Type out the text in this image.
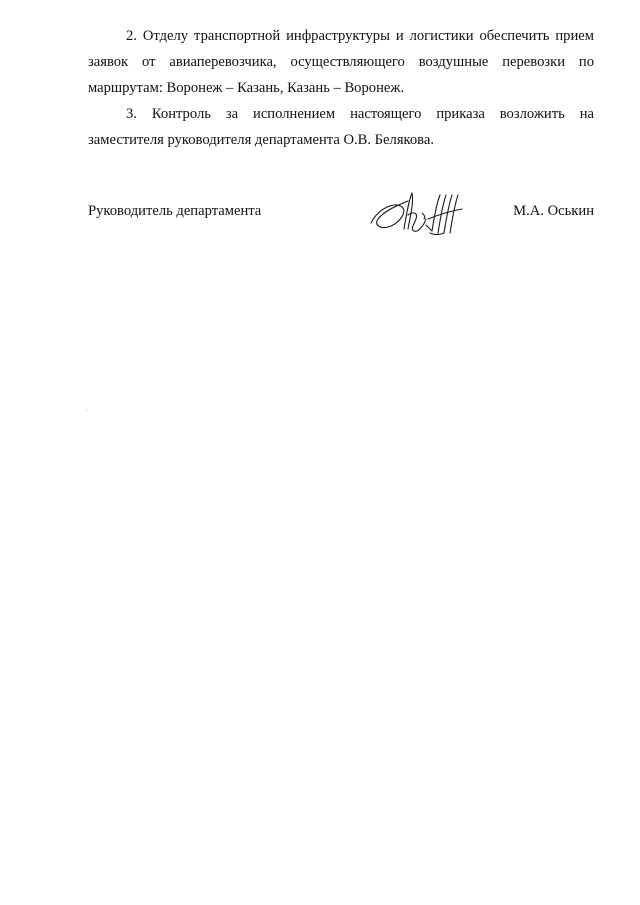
2. Отделу транспортной инфраструктуры и логистики обеспечить прием заявок от авиаперевозчика, осуществляющего воздушные перевозки по маршрутам: Воронеж – Казань, Казань – Воронеж.

3. Контроль за исполнением настоящего приказа возложить на заместителя руководителя департамента О.В. Белякова.

Руководитель департамента	М.А. Оськин
